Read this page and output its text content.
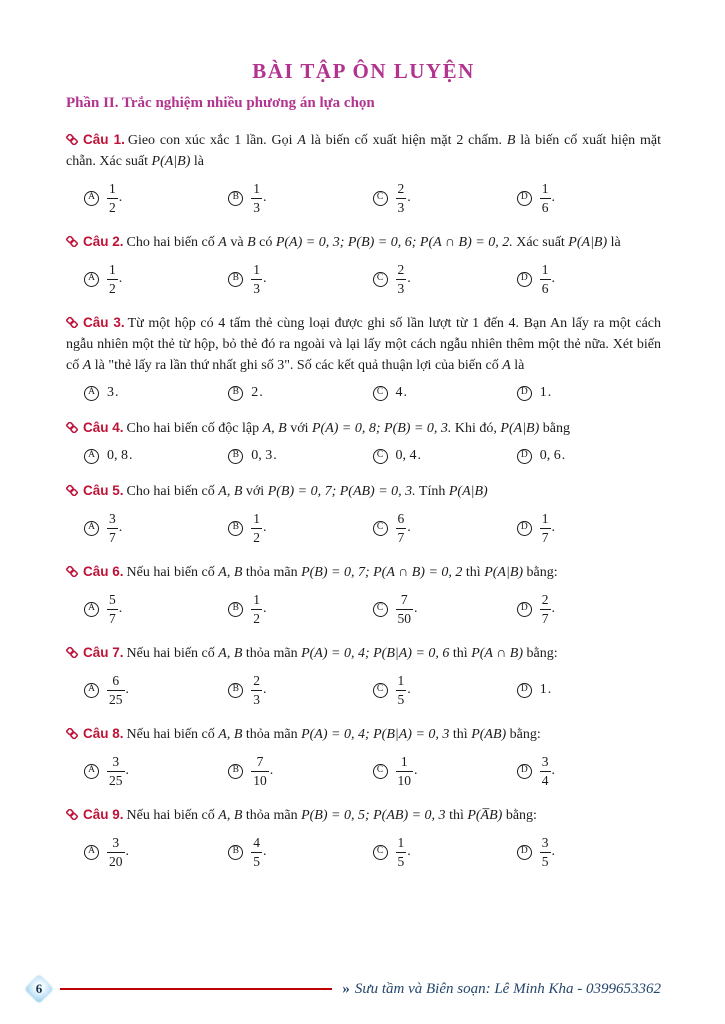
BÀI TẬP ÔN LUYỆN
Phần II. Trắc nghiệm nhiều phương án lựa chọn

Câu 1. Gieo con xúc xắc 1 lần. Gọi A là biến cố xuất hiện mặt 2 chấm. B là biến cố xuất hiện mặt chẵn. Xác suất P(A|B) là

A $\frac{1}{2}$ .	B $\frac{1}{3}$ .	C $\frac{2}{3}$ .	D $\frac{1}{6}$ .

Câu 2. Cho hai biến cố A và B có P(A) = 0, 3; P(B) = 0, 6; P(A ∩ B) = 0, 2. Xác suất P(A|B) là

A $\frac{1}{2}$ .	B $\frac{1}{3}$ .	C $\frac{2}{3}$ .	D $\frac{1}{6}$ .

Câu 3. Từ một hộp có 4 tấm thẻ cùng loại được ghi số lần lượt từ 1 đến 4. Bạn An lấy ra một cách ngẫu nhiên một thẻ từ hộp, bỏ thẻ đó ra ngoài và lại lấy một cách ngẫu nhiên thêm một thẻ nữa. Xét biến cố A là "thẻ lấy ra lần thứ nhất ghi số 3". Số các kết quả thuận lợi của biến cố A là

A 3 .	B 2 .	C 4 .	D 1 .

Câu 4. Cho hai biến cố độc lập A, B với P(A) = 0, 8; P(B) = 0, 3. Khi đó, P(A|B) bằng

A 0, 8 .	B 0, 3 .	C 0, 4 .	D 0, 6 .

Câu 5. Cho hai biến cố A, B với P(B) = 0, 7; P(AB) = 0, 3. Tính P(A|B)

A $\frac{3}{7}$ .	B $\frac{1}{2}$ .	C $\frac{6}{7}$ .	D $\frac{1}{7}$ .

Câu 6. Nếu hai biến cố A, B thỏa mãn P(B) = 0, 7; P(A ∩ B) = 0, 2 thì P(A|B) bằng:

A $\frac{5}{7}$ .	B $\frac{1}{2}$ .	C $\frac{7}{50}$ .	D $\frac{2}{7}$ .

Câu 7. Nếu hai biến cố A, B thỏa mãn P(A) = 0, 4; P(B|A) = 0, 6 thì P(A ∩ B) bằng:

A $\frac{6}{25}$ .	B $\frac{2}{3}$ .	C $\frac{1}{5}$ .	D 1 .

Câu 8. Nếu hai biến cố A, B thỏa mãn P(A) = 0, 4; P(B|A) = 0, 3 thì P(AB) bằng:

A $\frac{3}{25}$ .	B $\frac{7}{10}$ .	C $\frac{1}{10}$ .	D $\frac{3}{4}$ .

Câu 9. Nếu hai biến cố A, B thỏa mãn P(B) = 0, 5; P(AB) = 0, 3 thì P(A̅B) bằng:

A $\frac{3}{20}$ .	B $\frac{4}{5}$ .	C $\frac{1}{5}$ .	D $\frac{3}{5}$ .
6	» Sưu tầm và Biên soạn: Lê Minh Kha - 0399653362
